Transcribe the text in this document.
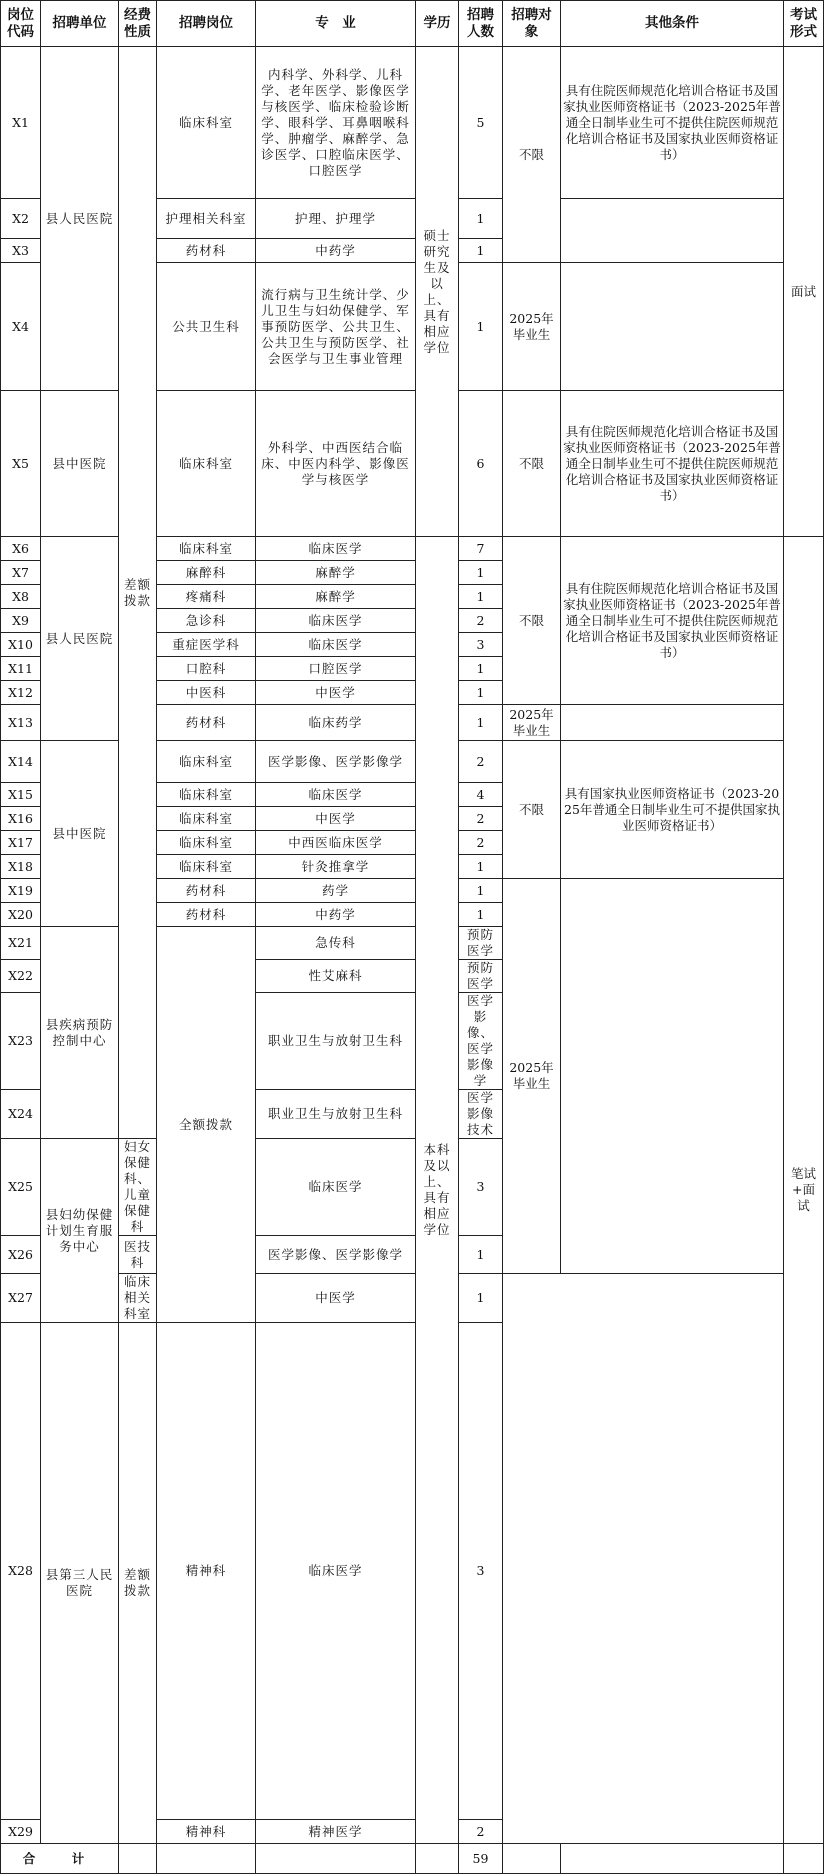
岗位代码	招聘单位	经费性质	招聘岗位	专　业	学历	招聘人数	招聘对象	其他条件	考试形式	
X1	县人民医院	差额拨款	临床科室	内科学、外科学、儿科学、老年医学、影像医学与核医学、临床检验诊断学、眼科学、耳鼻咽喉科学、肿瘤学、麻醉学、急诊医学、口腔临床医学、口腔医学	硕士研究生及以上、具有相应学位	5	不限	具有住院医师规范化培训合格证书及国家执业医师资格证书（2023-2025年普通全日制毕业生可不提供住院医师规范化培训合格证书及国家执业医师资格证书）	面试	
X2			护理相关科室	护理、护理学		1				
X3			药材科	中药学		1				
X4			公共卫生科	流行病与卫生统计学、少儿卫生与妇幼保健学、军事预防医学、公共卫生、公共卫生与预防医学、社会医学与卫生事业管理		1	2025年毕业生			
X5	县中医院		临床科室	外科学、中西医结合临床、中医内科学、影像医学与核医学		6	不限	具有住院医师规范化培训合格证书及国家执业医师资格证书（2023-2025年普通全日制毕业生可不提供住院医师规范化培训合格证书及国家执业医师资格证书）		
X6	县人民医院		临床科室	临床医学	本科及以上、具有相应学位	7	不限	具有住院医师规范化培训合格证书及国家执业医师资格证书（2023-2025年普通全日制毕业生可不提供住院医师规范化培训合格证书及国家执业医师资格证书）	笔试+面试	
X7			麻醉科	麻醉学		1				
X8			疼痛科	麻醉学		1				
X9			急诊科	临床医学		2				
X10			重症医学科	临床医学		3				
X11			口腔科	口腔医学		1				
X12			中医科	中医学		1				
X13			药材科	临床药学		1	2025年毕业生			
X14	县中医院		临床科室	医学影像、医学影像学		2	不限	具有国家执业医师资格证书（2023-2025年普通全日制毕业生可不提供国家执业医师资格证书）		
X15			临床科室	临床医学		4				
X16			临床科室	中医学		2				
X17			临床科室	中西医临床医学		2				
X18			临床科室	针灸推拿学		1				
X19			药材科	药学		1	2025年毕业生			
X20			药材科	中药学		1				
X21	县疾病预防控制中心		全额拨款	急传科		预防医学	
X22				性艾麻科		预防医学	
X23				职业卫生与放射卫生科		医学影像、医学影像学	
X24				职业卫生与放射卫生科		医学影像技术	
X25	县妇幼保健计划生育服务中心	妇女保健科、儿童保健科		临床医学		3		
X26		医技科		医学影像、医学影像学		1				
X27		临床相关科室		中医学		1				
X28	县第三人民医院	差额拨款	精神科	临床医学		3				
X29			精神科	精神医学		2				
合　计						59				
